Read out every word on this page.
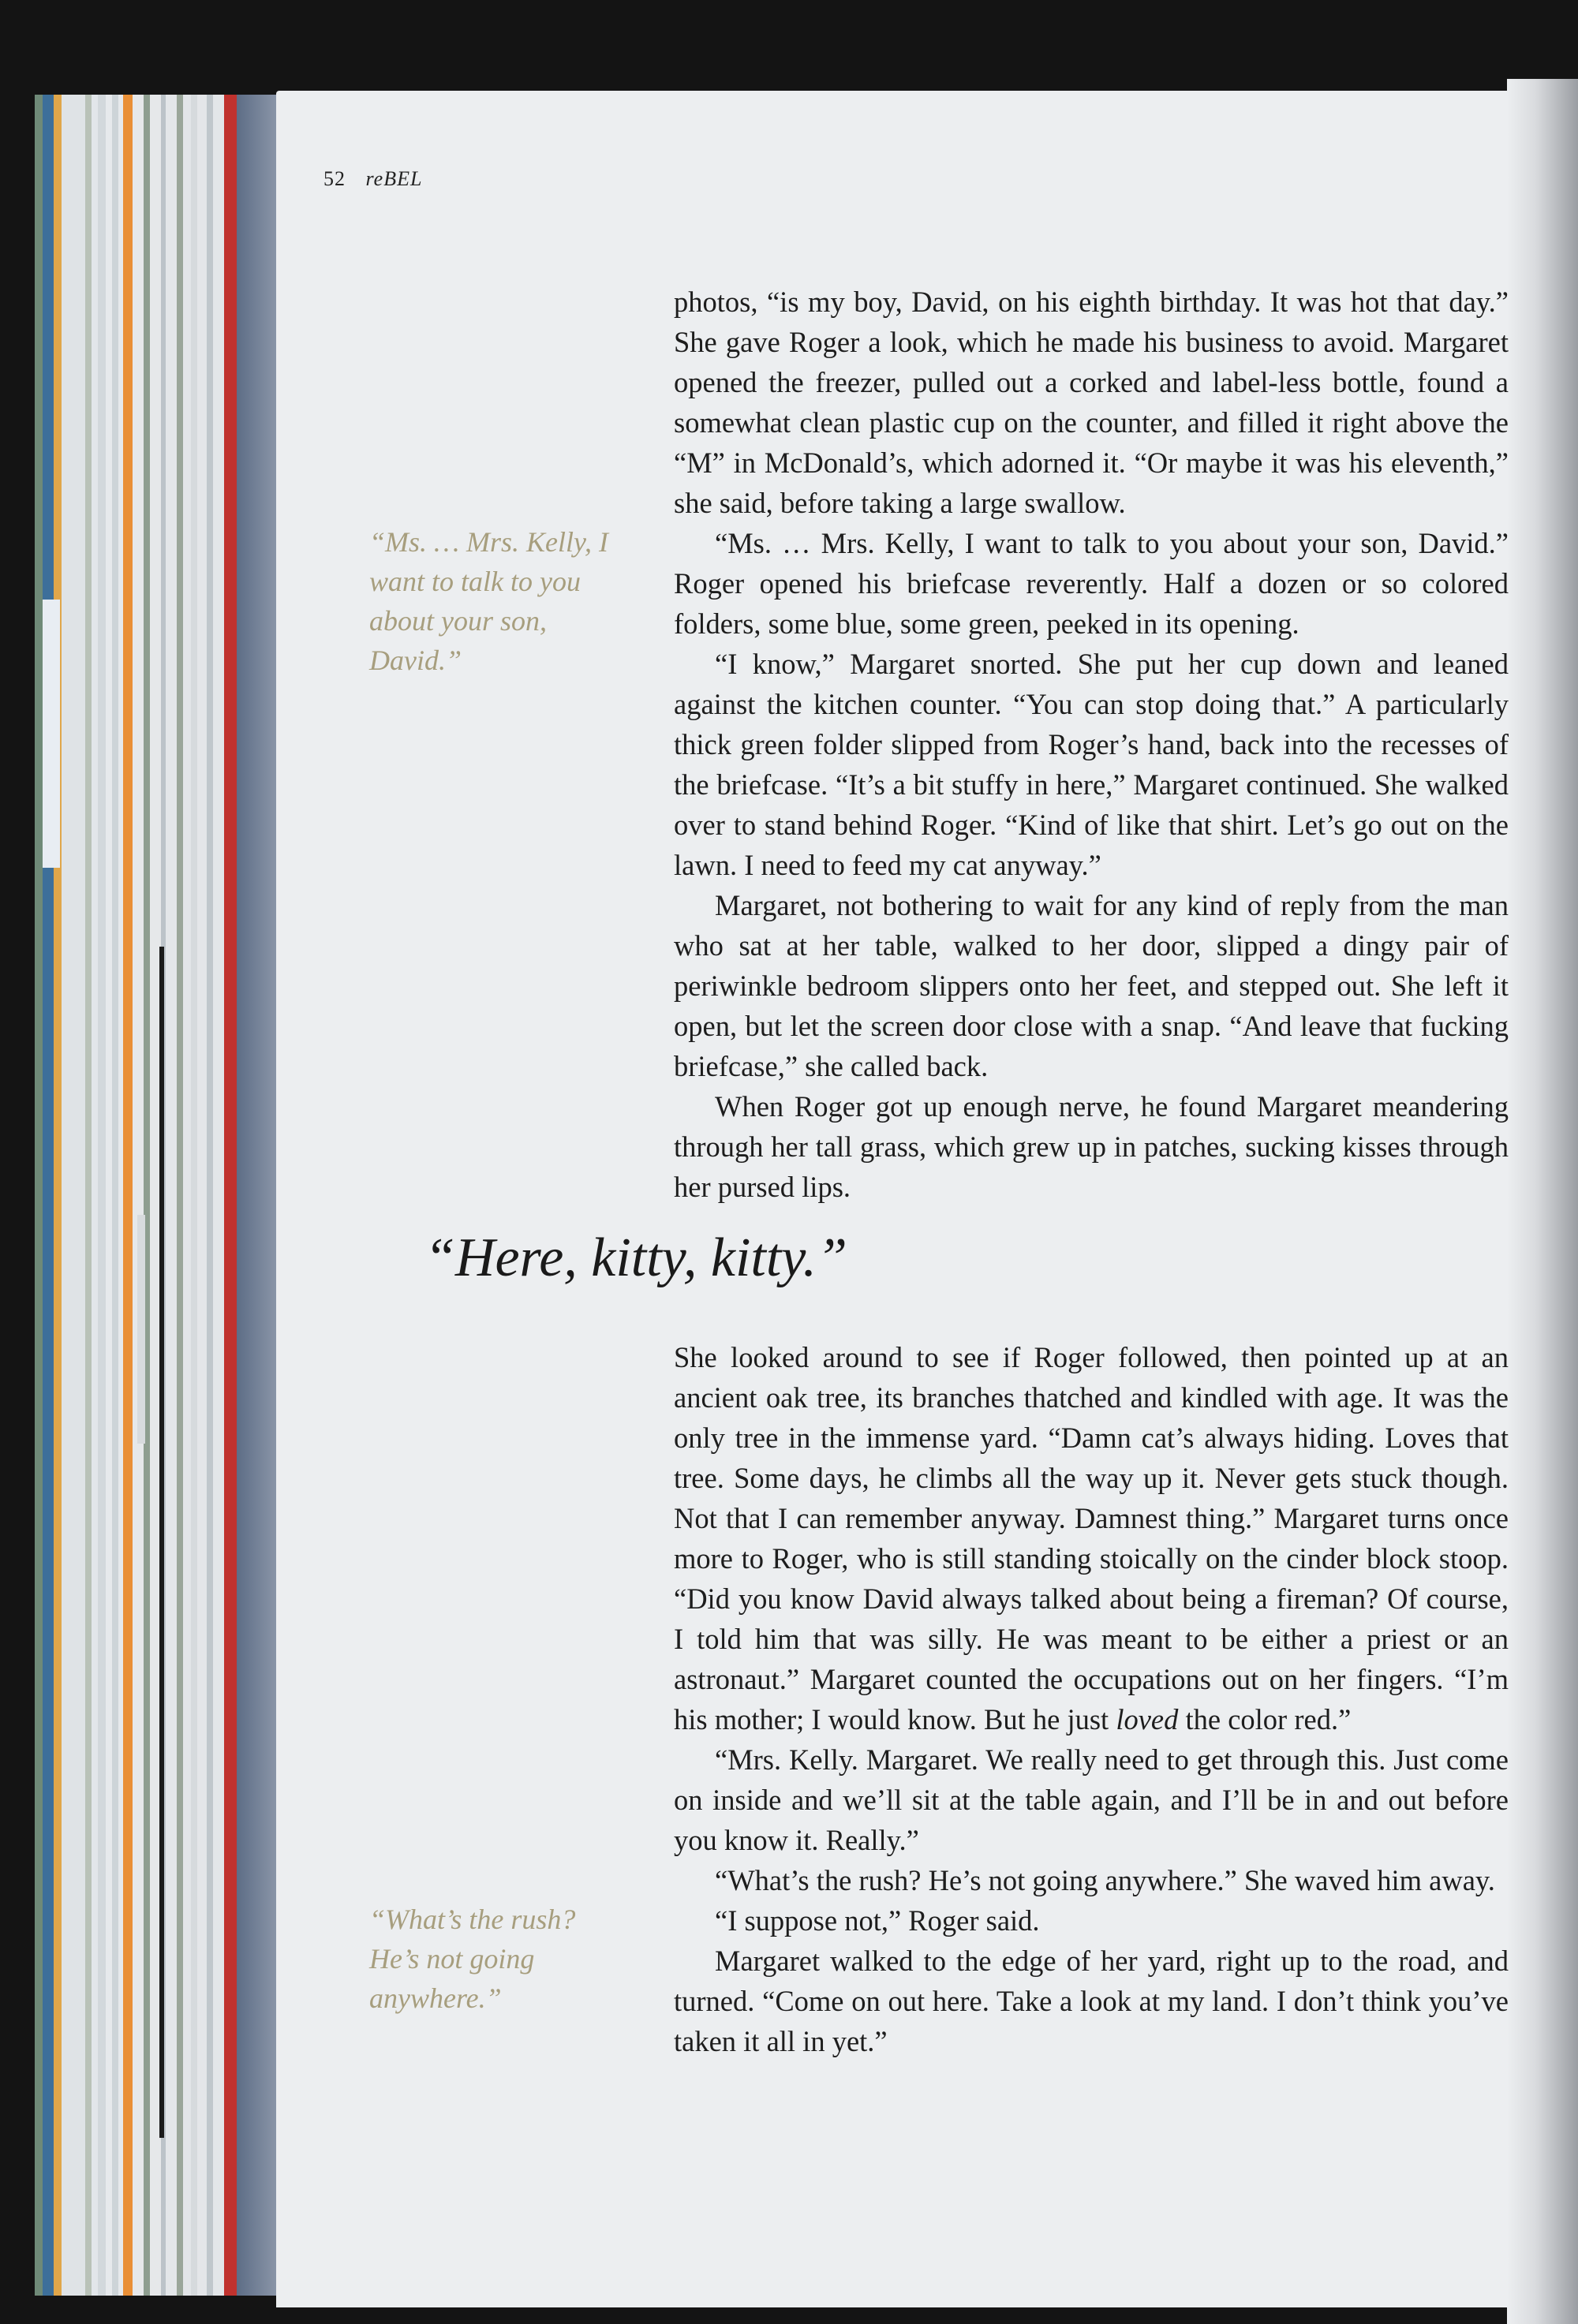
52 reBEL
“Ms. … Mrs. Kelly, I
want to talk to you
about your son,
David.”
“What’s the rush?
He’s not going
anywhere.”

photos, “is my boy, David, on his eighth birthday. It was hot that day.” She gave Roger a look, which he made his business to avoid. Margaret opened the freezer, pulled out a corked and label-less bottle, found a somewhat clean plastic cup on the counter, and filled it right above the “M” in McDonald’s, which adorned it. “Or maybe it was his eleventh,” she said, before taking a large swallow.

“Ms. … Mrs. Kelly, I want to talk to you about your son, David.” Roger opened his briefcase reverently. Half a dozen or so colored folders, some blue, some green, peeked in its opening.

“I know,” Margaret snorted. She put her cup down and leaned against the kitchen counter. “You can stop doing that.” A particularly thick green folder slipped from Roger’s hand, back into the recesses of the briefcase. “It’s a bit stuffy in here,” Margaret continued. She walked over to stand behind Roger. “Kind of like that shirt. Let’s go out on the lawn. I need to feed my cat anyway.”

Margaret, not bothering to wait for any kind of reply from the man who sat at her table, walked to her door, slipped a dingy pair of periwinkle bedroom slippers onto her feet, and stepped out. She left it open, but let the screen door close with a snap. “And leave that fucking briefcase,” she called back.

When Roger got up enough nerve, he found Margaret meandering through her tall grass, which grew up in patches, sucking kisses through her pursed lips.

“Here, kitty, kitty.”

She looked around to see if Roger followed, then pointed up at an ancient oak tree, its branches thatched and kindled with age. It was the only tree in the immense yard. “Damn cat’s always hiding. Loves that tree. Some days, he climbs all the way up it. Never gets stuck though. Not that I can remember anyway. Damnest thing.” Margaret turns once more to Roger, who is still standing stoically on the cinder block stoop. “Did you know David always talked about being a fireman? Of course, I told him that was silly. He was meant to be either a priest or an astronaut.” Margaret counted the occupations out on her fingers. “I’m his mother; I would know. But he just loved the color red.”

“Mrs. Kelly. Margaret. We really need to get through this. Just come on inside and we’ll sit at the table again, and I’ll be in and out before you know it. Really.”

“What’s the rush? He’s not going anywhere.” She waved him away.

“I suppose not,” Roger said.

Margaret walked to the edge of her yard, right up to the road, and turned. “Come on out here. Take a look at my land. I don’t think you’ve taken it all in yet.”
